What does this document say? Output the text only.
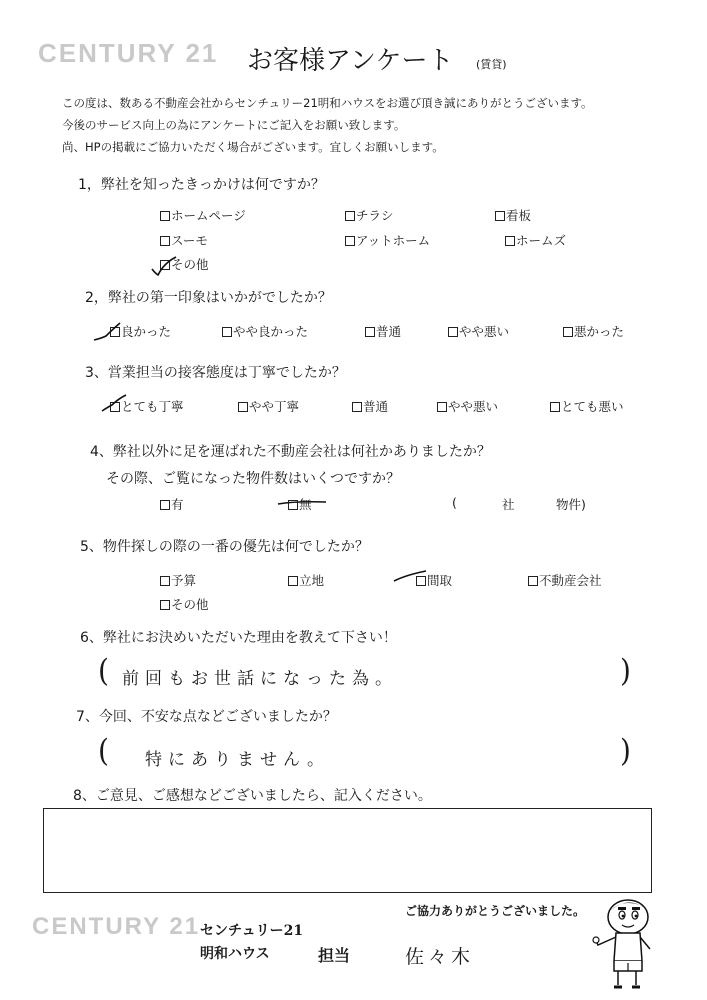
CENTURY 21 お客様アンケート (賃貸)
この度は、数ある不動産会社からセンチュリー21明和ハウスをお選び頂き誠にありがとうございます。
今後のサービス向上の為にアンケートにご記入をお願い致します。
尚、HPの掲載にご協力いただく場合がございます。宜しくお願いします。
1，弊社を知ったきっかけは何ですか？
ホームページ	チラシ	看板
スーモ	アットホーム	ホームズ
その他
2，弊社の第一印象はいかがでしたか？
良かった	やや良かった	普通	やや悪い	悪かった
3、営業担当の接客態度は丁寧でしたか？
とても丁寧	やや丁寧	普通	やや悪い	とても悪い
4、弊社以外に足を運ばれた不動産会社は何社かありましたか？
その際、ご覧になった物件数はいくつですか？
有	無	(	社	物件)
5、物件探しの際の一番の優先は何でしたか？
予算	立地	間取	不動産会社
その他
6、弊社にお決めいただいた理由を教えて下さい！
( 前回もお世話になった為。	)
7、今回、不安な点などございましたか？
( 特にありません。	)
8、ご意見、ご感想などございましたら、記入ください。
CENTURY 21 センチュリー21
明和ハウス	担当	佐々木
ご協力ありがとうございました。
